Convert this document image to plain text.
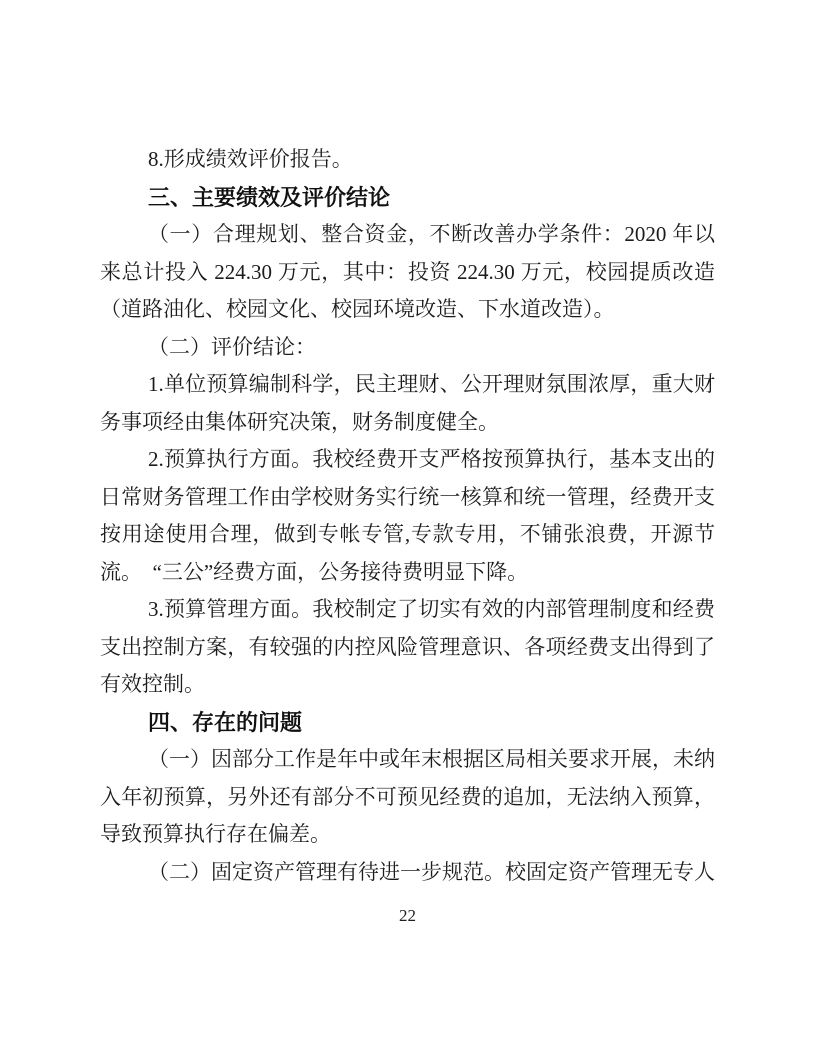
8.形成绩效评价报告。

三、主要绩效及评价结论

（一）合理规划、整合资金，不断改善办学条件：2020 年以来总计投入 224.30 万元，其中：投资 224.30 万元，校园提质改造（道路油化、校园文化、校园环境改造、下水道改造）。

（二）评价结论：

1.单位预算编制科学，民主理财、公开理财氛围浓厚，重大财务事项经由集体研究决策，财务制度健全。

2.预算执行方面。我校经费开支严格按预算执行，基本支出的日常财务管理工作由学校财务实行统一核算和统一管理，经费开支按用途使用合理，做到专帐专管,专款专用，不铺张浪费，开源节流。　“三公”经费方面，公务接待费明显下降。

3.预算管理方面。我校制定了切实有效的内部管理制度和经费支出控制方案，有较强的内控风险管理意识、各项经费支出得到了有效控制。

四、存在的问题

（一）因部分工作是年中或年末根据区局相关要求开展，未纳入年初预算，另外还有部分不可预见经费的追加，无法纳入预算，导致预算执行存在偏差。

（二）固定资产管理有待进一步规范。校固定资产管理无专人

22
